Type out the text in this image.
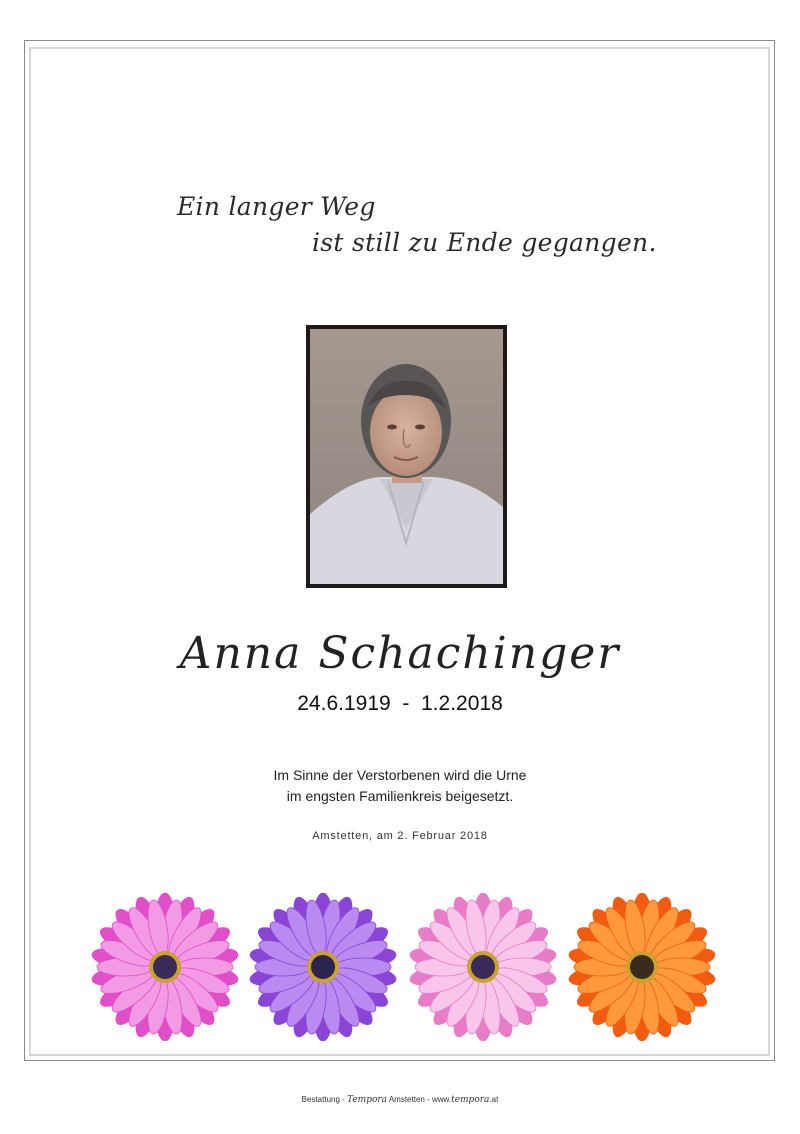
Ein langer Weg
ist still zu Ende gegangen.
Anna Schachinger
24.6.1919  -  1.2.2018
Im Sinne der Verstorbenen wird die Urne
im engsten Familienkreis beigesetzt.
Amstetten, am 2. Februar 2018
Bestattung - Tempora Amstetten - www.tempora.at
